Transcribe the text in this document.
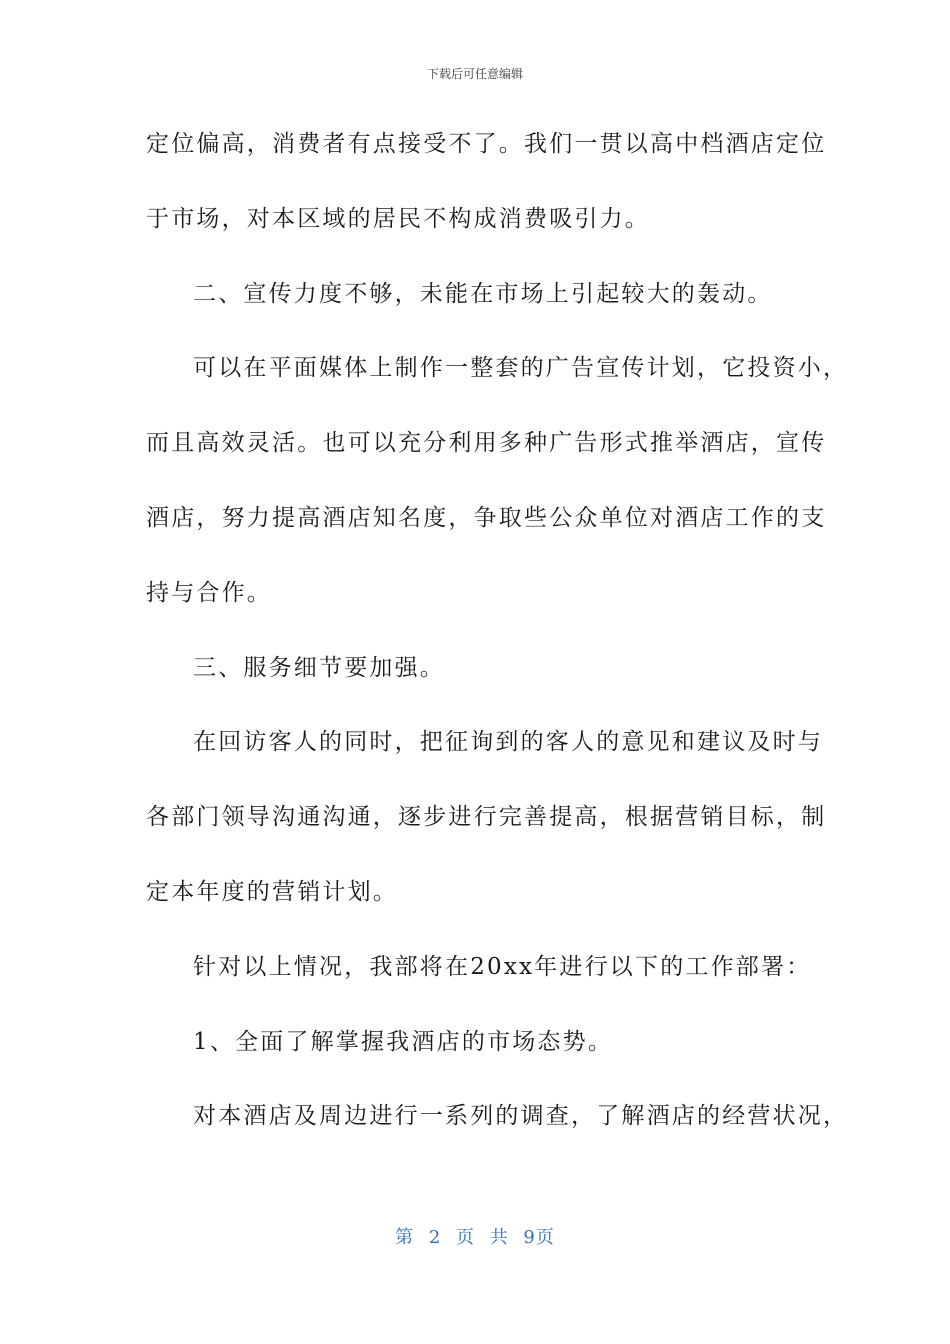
下载后可任意编辑
定位偏高，消费者有点接受不了。我们一贯以高中档酒店定位
于市场，对本区域的居民不构成消费吸引力。
二、宣传力度不够，未能在市场上引起较大的轰动。
可以在平面媒体上制作一整套的广告宣传计划，它投资小，
而且高效灵活。也可以充分利用多种广告形式推举酒店，宣传
酒店，努力提高酒店知名度，争取些公众单位对酒店工作的支
持与合作。
三、服务细节要加强。
在回访客人的同时，把征询到的客人的意见和建议及时与
各部门领导沟通沟通，逐步进行完善提高，根据营销目标，制
定本年度的营销计划。
针对以上情况，我部将在20xx年进行以下的工作部署：
1、全面了解掌握我酒店的市场态势。
对本酒店及周边进行一系列的调查，了解酒店的经营状况，
第 2 页 共 9页
